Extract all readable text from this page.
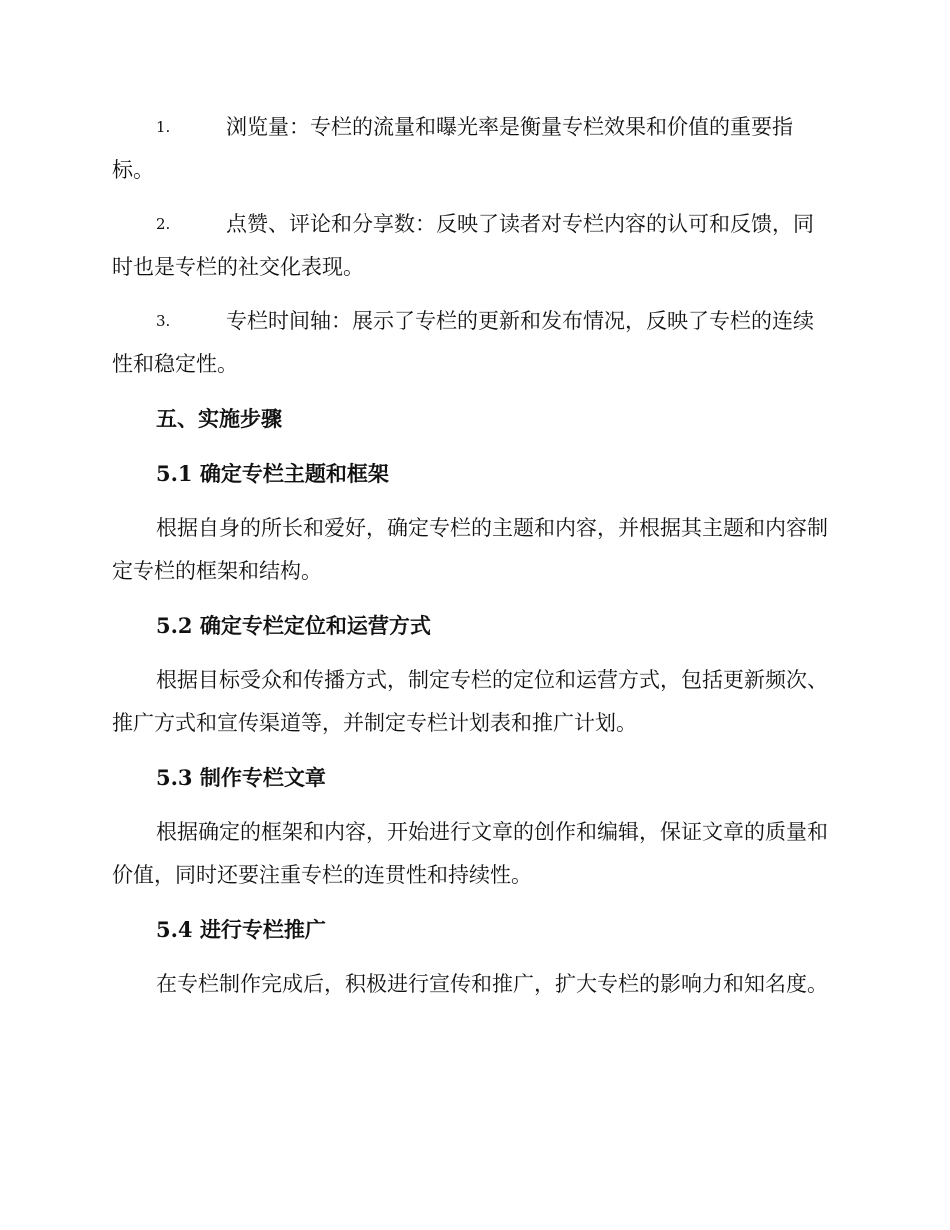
1.	浏览量：专栏的流量和曝光率是衡量专栏效果和价值的重要指标。
2.	点赞、评论和分享数：反映了读者对专栏内容的认可和反馈，同时也是专栏的社交化表现。
3.	专栏时间轴：展示了专栏的更新和发布情况，反映了专栏的连续性和稳定性。
五、实施步骤
5.1 确定专栏主题和框架
根据自身的所长和爱好，确定专栏的主题和内容，并根据其主题和内容制定专栏的框架和结构。
5.2 确定专栏定位和运营方式
根据目标受众和传播方式，制定专栏的定位和运营方式，包括更新频次、推广方式和宣传渠道等，并制定专栏计划表和推广计划。
5.3 制作专栏文章
根据确定的框架和内容，开始进行文章的创作和编辑，保证文章的质量和价值，同时还要注重专栏的连贯性和持续性。
5.4 进行专栏推广
在专栏制作完成后，积极进行宣传和推广，扩大专栏的影响力和知名度。
